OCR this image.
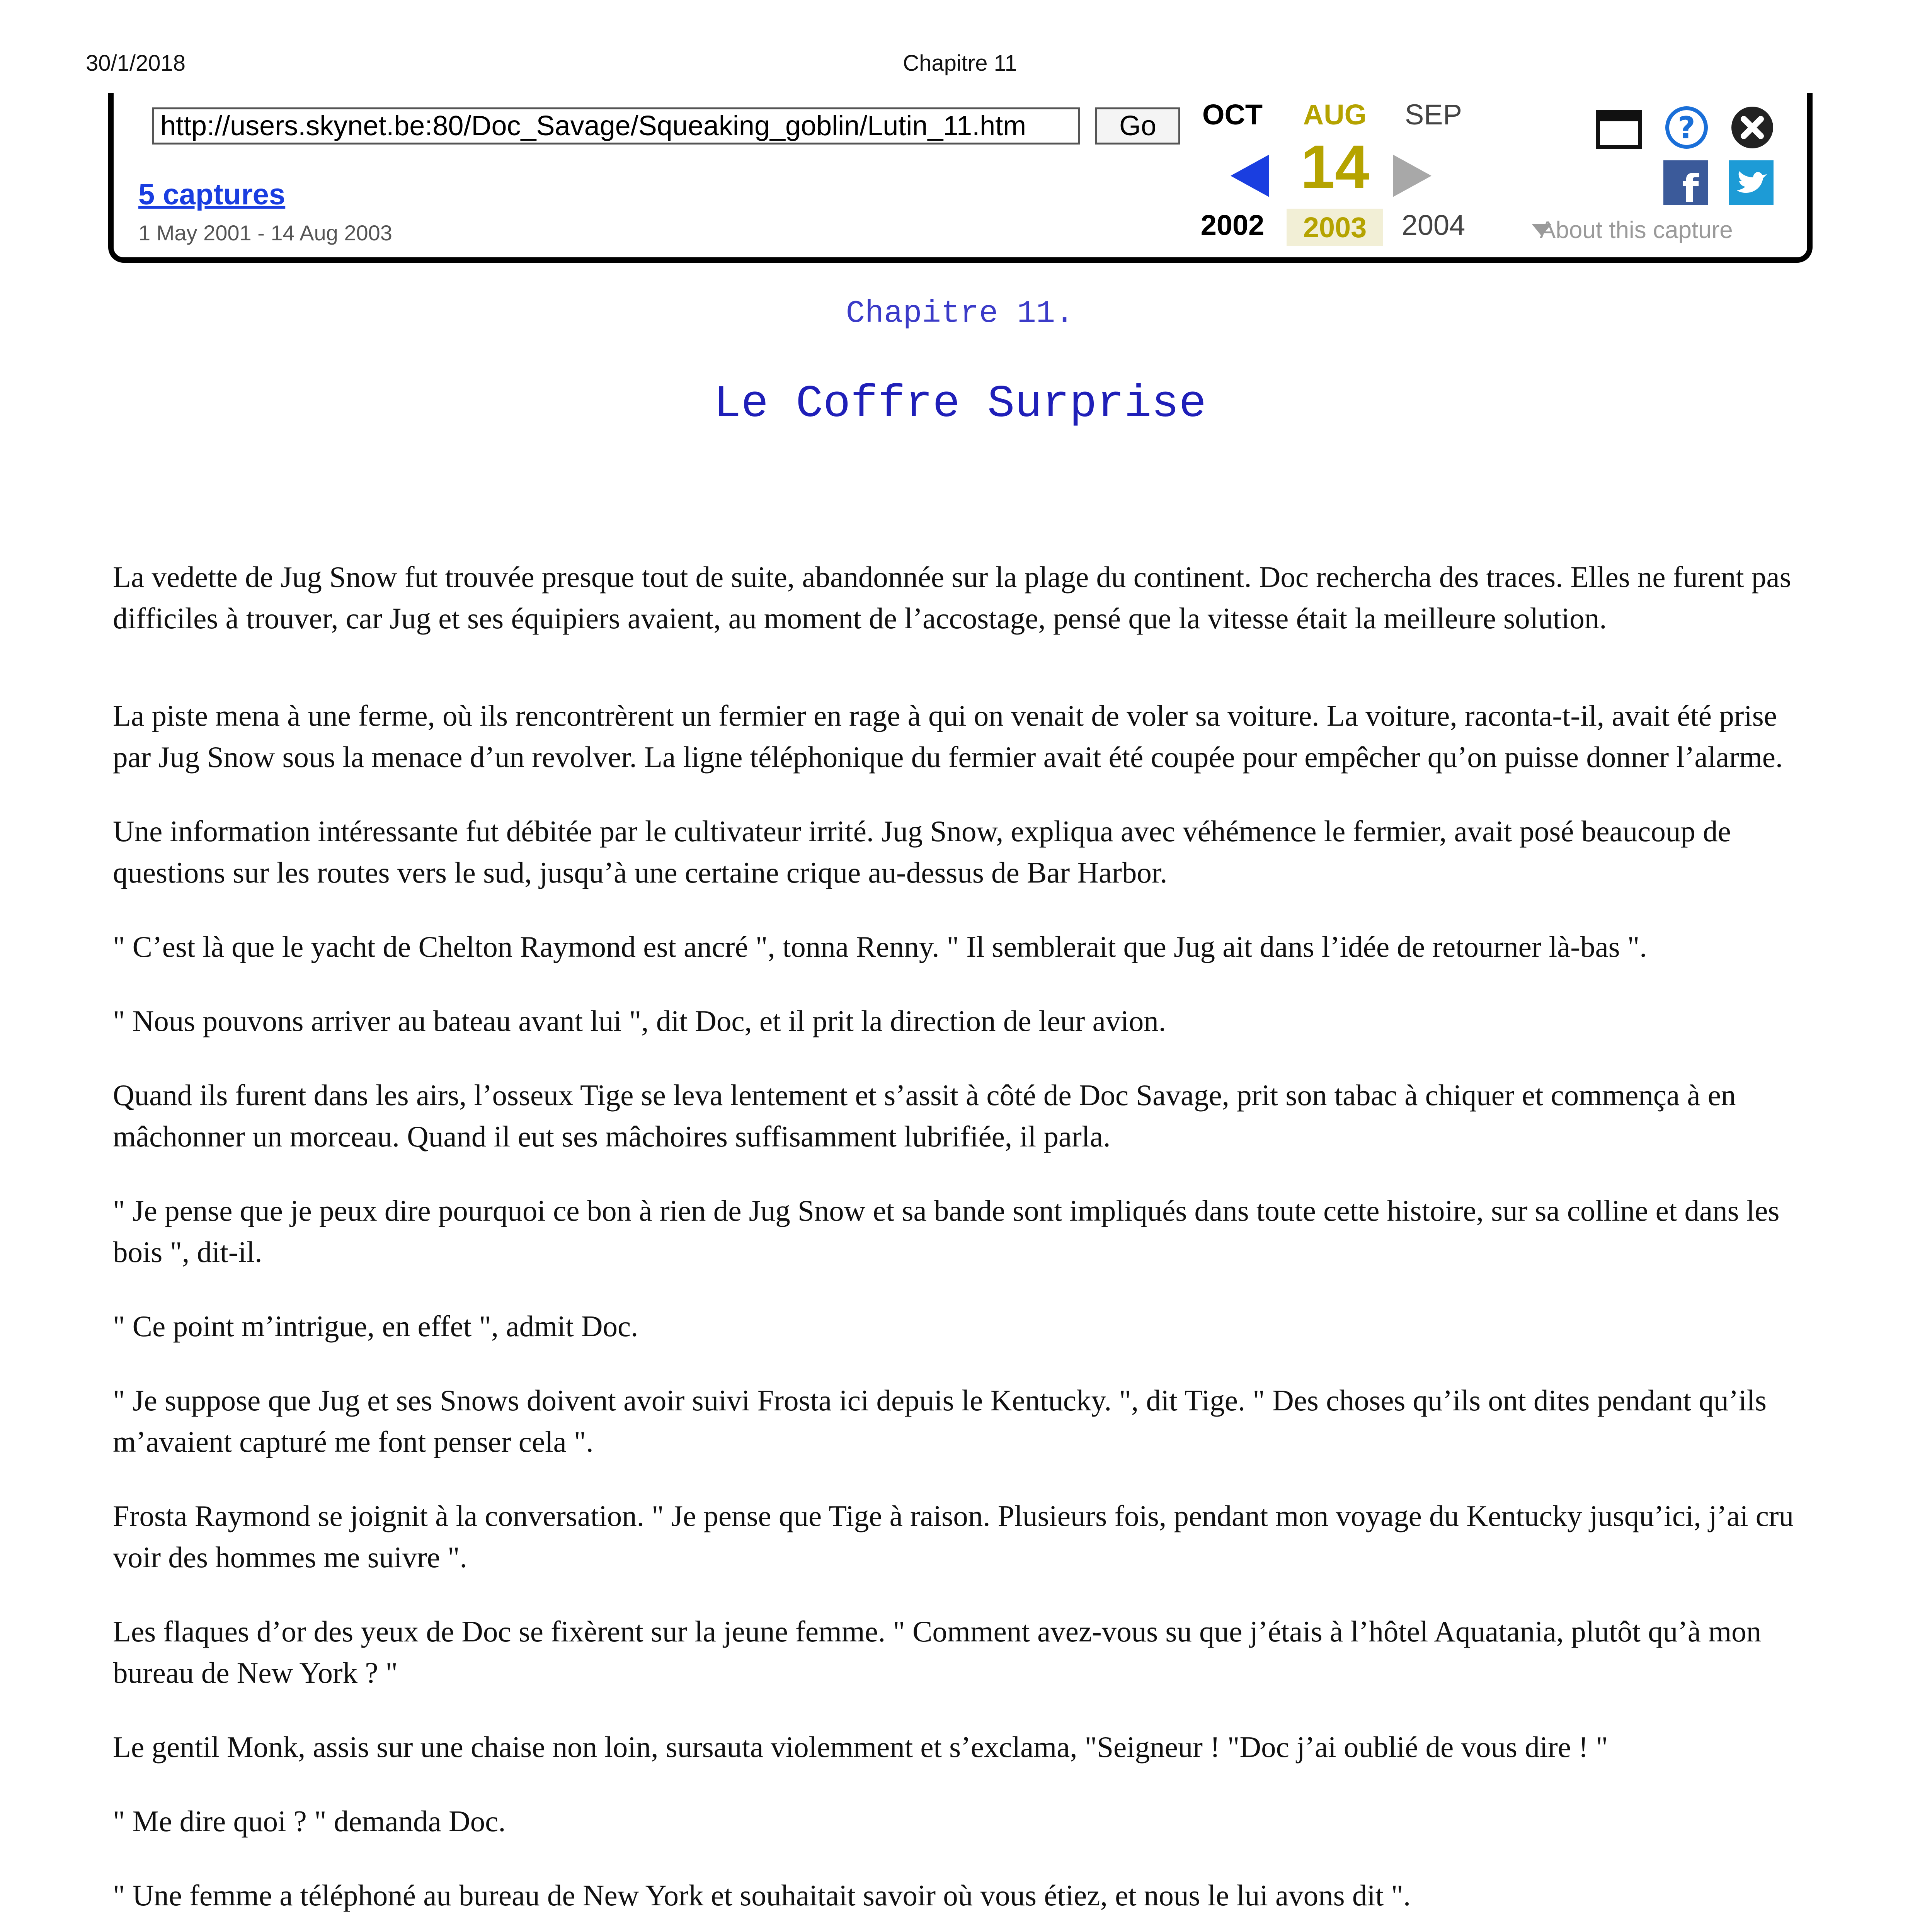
30/1/2018	Chapitre 11
http://users.skynet.be:80/Doc_Savage/Squeaking_goblin/Lutin_11.htm	Go
5 captures
1 May 2001 - 14 Aug 2003
OCT	AUG	SEP
14
2002	2003	2004
?
f
About this capture
Chapitre 11.
Le Coffre Surprise

La vedette de Jug Snow fut trouvée presque tout de suite, abandonnée sur la plage du continent. Doc rechercha des traces. Elles ne furent pas difficiles à trouver, car Jug et ses équipiers avaient, au moment de l’accostage, pensé que la vitesse était la meilleure solution.

La piste mena à une ferme, où ils rencontrèrent un fermier en rage à qui on venait de voler sa voiture. La voiture, raconta-t-il, avait été prise par Jug Snow sous la menace d’un revolver. La ligne téléphonique du fermier avait été coupée pour empêcher qu’on puisse donner l’alarme.

Une information intéressante fut débitée par le cultivateur irrité. Jug Snow, expliqua avec véhémence le fermier, avait posé beaucoup de questions sur les routes vers le sud, jusqu’à une certaine crique au-dessus de Bar Harbor.

" C’est là que le yacht de Chelton Raymond est ancré ", tonna Renny. " Il semblerait que Jug ait dans l’idée de retourner là-bas ".

" Nous pouvons arriver au bateau avant lui ", dit Doc, et il prit la direction de leur avion.

Quand ils furent dans les airs, l’osseux Tige se leva lentement et s’assit à côté de Doc Savage, prit son tabac à chiquer et commença à en mâchonner un morceau. Quand il eut ses mâchoires suffisamment lubrifiée, il parla.

" Je pense que je peux dire pourquoi ce bon à rien de Jug Snow et sa bande sont impliqués dans toute cette histoire, sur sa colline et dans les bois ", dit-il.

" Ce point m’intrigue, en effet ", admit Doc.

" Je suppose que Jug et ses Snows doivent avoir suivi Frosta ici depuis le Kentucky. ", dit Tige. " Des choses qu’ils ont dites pendant qu’ils m’avaient capturé me font penser cela ".

Frosta Raymond se joignit à la conversation. " Je pense que Tige à raison. Plusieurs fois, pendant mon voyage du Kentucky jusqu’ici, j’ai cru voir des hommes me suivre ".

Les flaques d’or des yeux de Doc se fixèrent sur la jeune femme. " Comment avez-vous su que j’étais à l’hôtel Aquatania, plutôt qu’à mon bureau de New York ? "

Le gentil Monk, assis sur une chaise non loin, sursauta violemment et s’exclama, "Seigneur ! "Doc j’ai oublié de vous dire ! "

" Me dire quoi ? " demanda Doc.

" Une femme a téléphoné au bureau de New York et souhaitait savoir où vous étiez, et nous le lui avons dit ".
